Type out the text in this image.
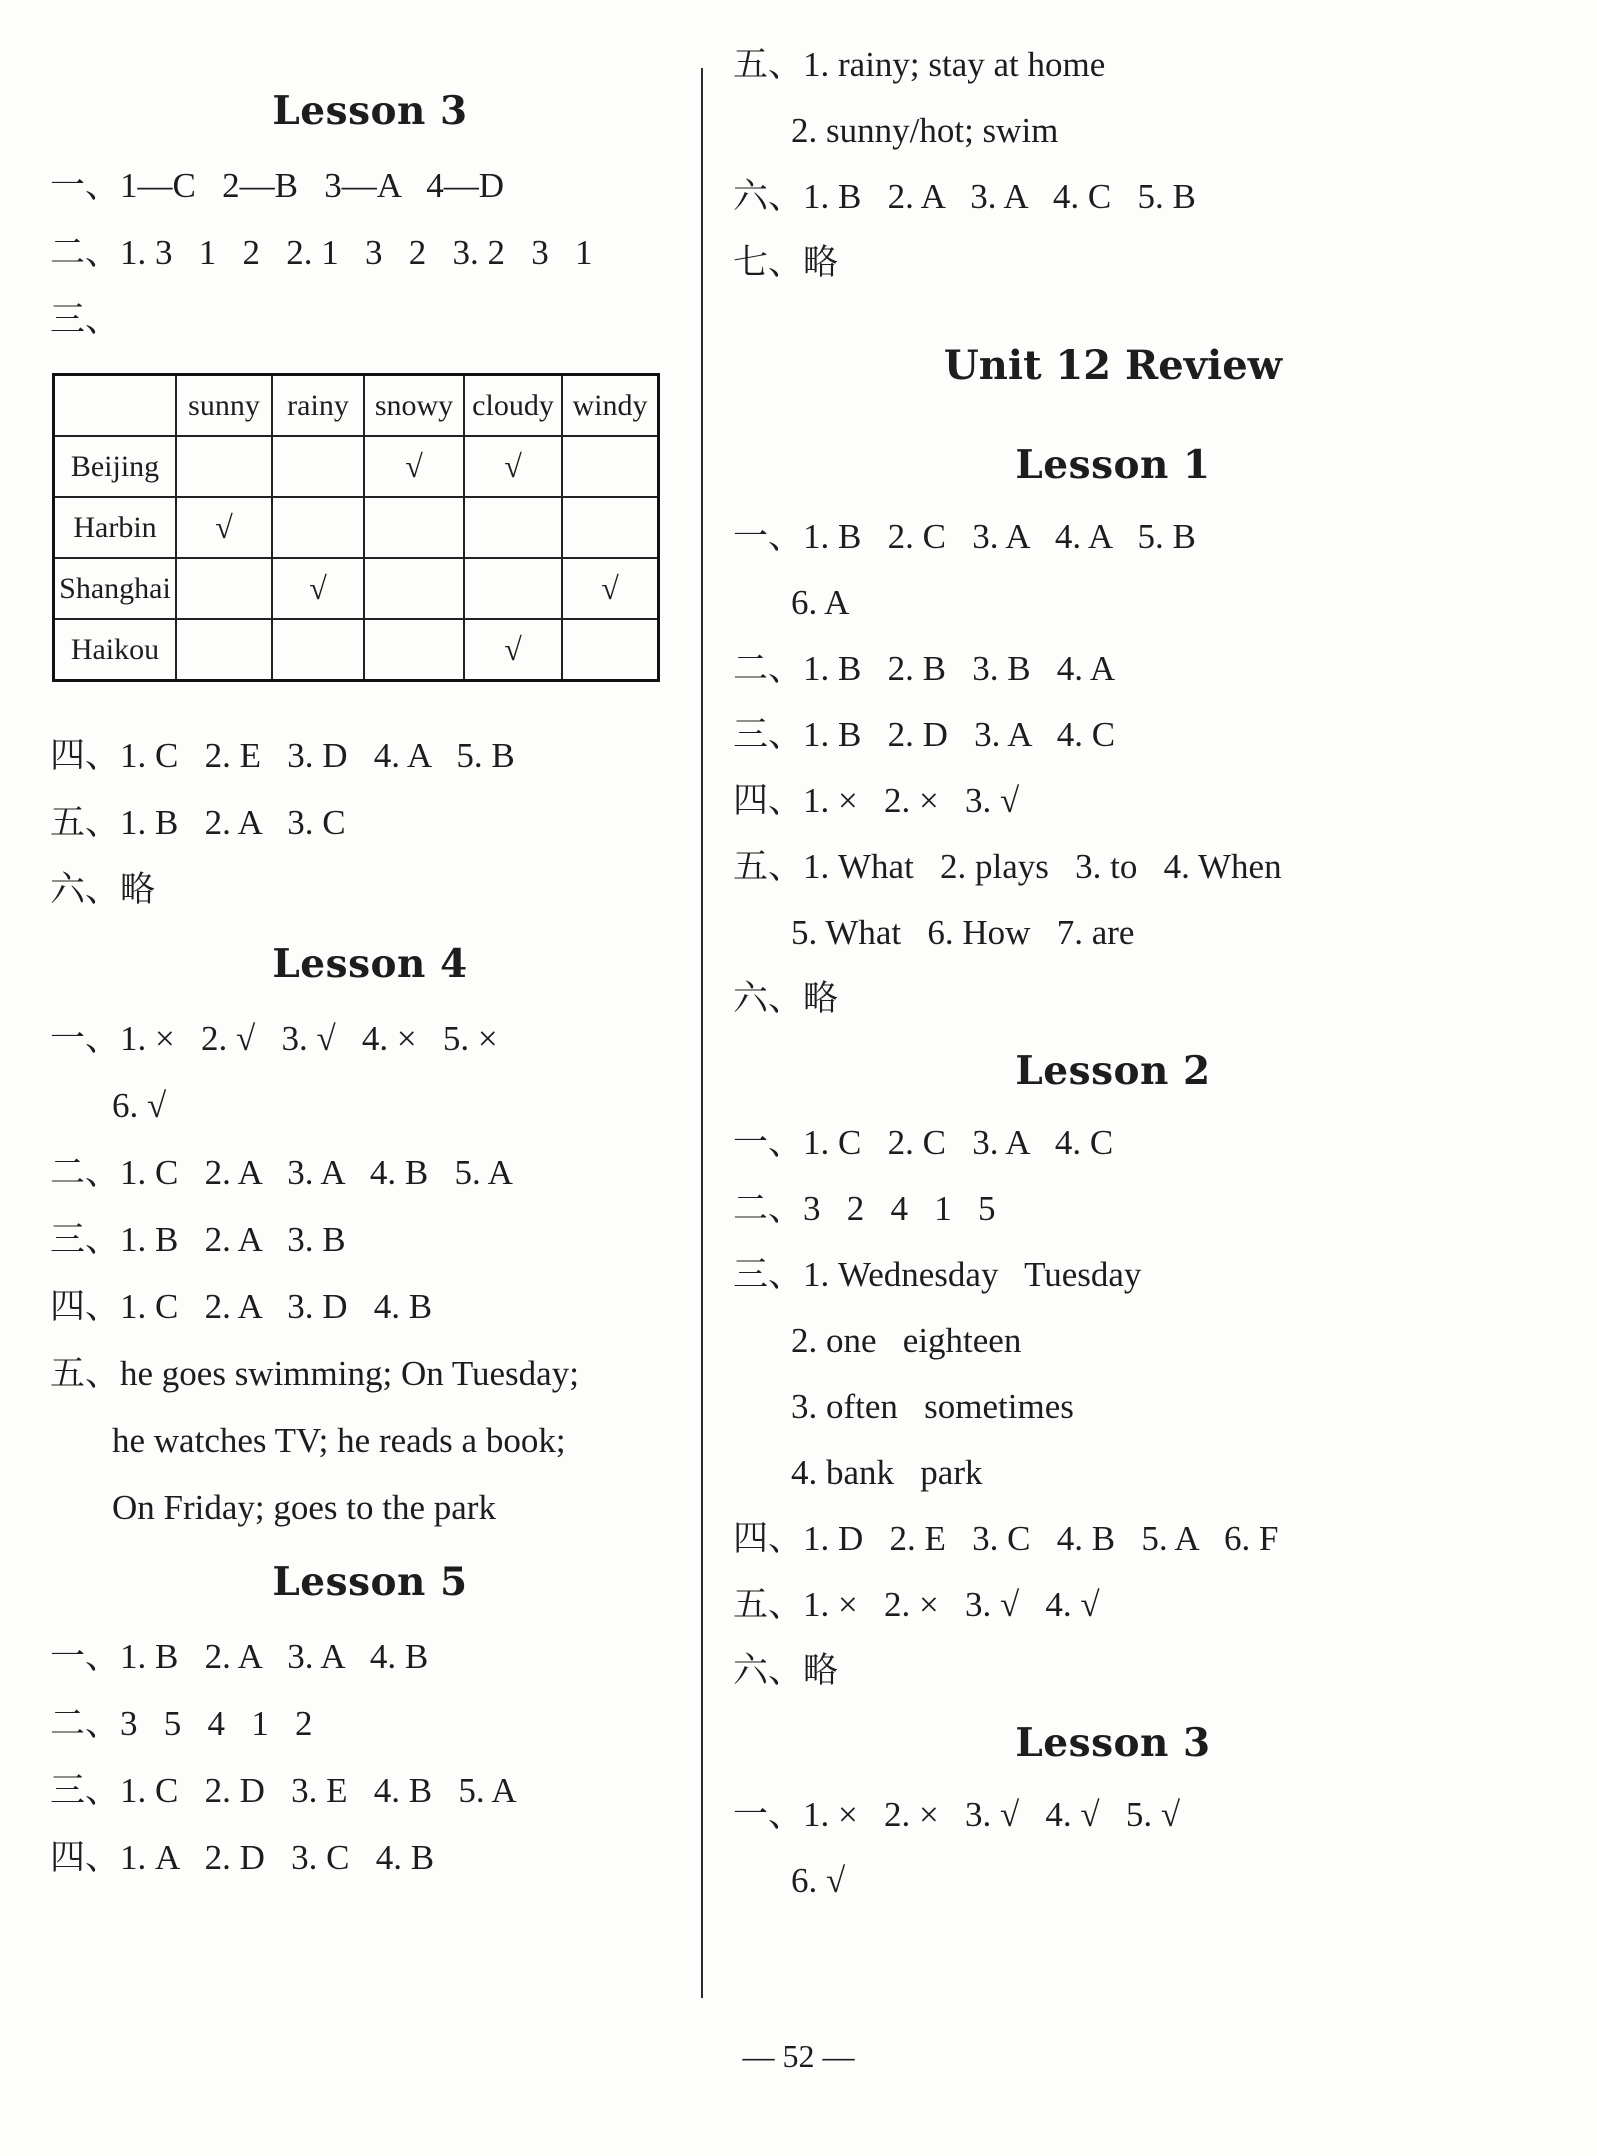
Lesson 3
一、1—C   2—B   3—A   4—D
二、1. 3   1   2   2. 1   3   2   3. 2   3   1
三、
	sunny	rainy	snowy	cloudy	windy
Beijing			√	√	
Harbin	√				
Shanghai		√			√
Haikou				√	
四、1. C   2. E   3. D   4. A   5. B
五、1. B   2. A   3. C
六、略
Lesson 4
一、1. ×   2. √   3. √   4. ×   5. ×
6. √
二、1. C   2. A   3. A   4. B   5. A
三、1. B   2. A   3. B
四、1. C   2. A   3. D   4. B
五、he goes swimming; On Tuesday;
he watches TV; he reads a book;
On Friday; goes to the park
Lesson 5
一、1. B   2. A   3. A   4. B
二、3   5   4   1   2
三、1. C   2. D   3. E   4. B   5. A
四、1. A   2. D   3. C   4. B
五、1. rainy; stay at home
2. sunny/hot; swim
六、1. B   2. A   3. A   4. C   5. B
七、略
Unit 12 Review
Lesson 1
一、1. B   2. C   3. A   4. A   5. B
6. A
二、1. B   2. B   3. B   4. A
三、1. B   2. D   3. A   4. C
四、1. ×   2. ×   3. √
五、1. What   2. plays   3. to   4. When
5. What   6. How   7. are
六、略
Lesson 2
一、1. C   2. C   3. A   4. C
二、3   2   4   1   5
三、1. Wednesday   Tuesday
2. one   eighteen
3. often   sometimes
4. bank   park
四、1. D   2. E   3. C   4. B   5. A   6. F
五、1. ×   2. ×   3. √   4. √
六、略
Lesson 3
一、1. ×   2. ×   3. √   4. √   5. √
6. √
— 52 —
